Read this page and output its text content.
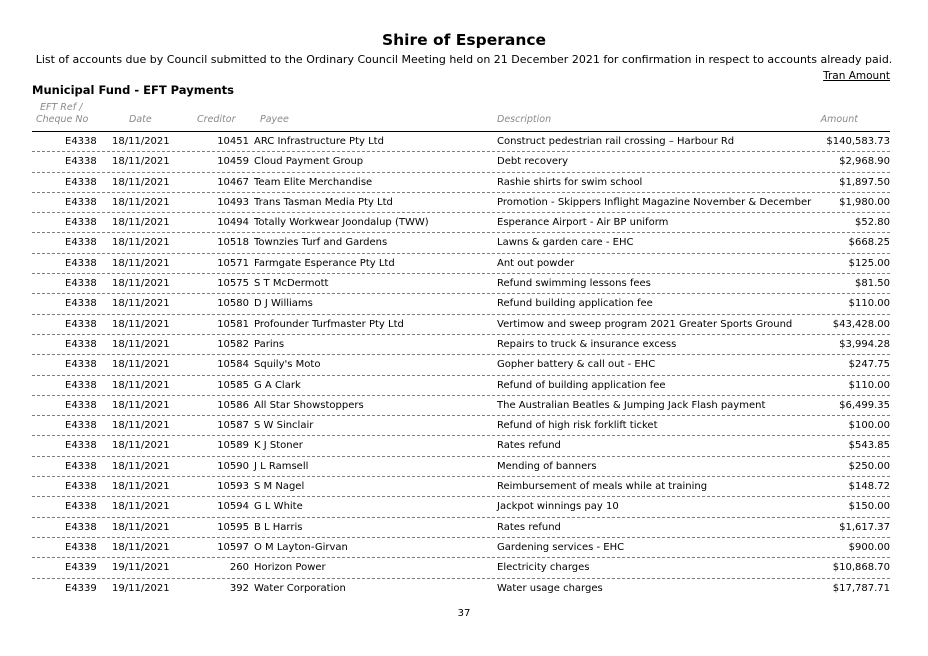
Shire of Esperance
List of accounts due by Council submitted to the Ordinary Council Meeting held on 21 December 2021 for confirmation in respect to accounts already paid.
Tran Amount
Municipal Fund - EFT Payments
EFT Ref /
Cheque No	Date	Creditor	Payee	Description	Amount
E4338 18/11/2021	10451 ARC Infrastructure Pty Ltd	Construct pedestrian rail crossing – Harbour Rd	$140,583.73
E4338 18/11/2021	10459 Cloud Payment Group	Debt recovery	$2,968.90
E4338 18/11/2021	10467 Team Elite Merchandise	Rashie shirts for swim school	$1,897.50
E4338 18/11/2021	10493 Trans Tasman Media Pty Ltd	Promotion - Skippers Inflight Magazine November & December	$1,980.00
E4338 18/11/2021	10494 Totally Workwear Joondalup (TWW)	Esperance Airport - Air BP uniform	$52.80
E4338 18/11/2021	10518 Townzies Turf and Gardens	Lawns & garden care - EHC	$668.25
E4338 18/11/2021	10571 Farmgate Esperance Pty Ltd	Ant out powder	$125.00
E4338 18/11/2021	10575 S T McDermott	Refund swimming lessons fees	$81.50
E4338 18/11/2021	10580 D J Williams	Refund building application fee	$110.00
E4338 18/11/2021	10581 Profounder Turfmaster Pty Ltd	Vertimow and sweep program 2021 Greater Sports Ground	$43,428.00
E4338 18/11/2021	10582 Parins	Repairs to truck & insurance excess	$3,994.28
E4338 18/11/2021	10584 Squily's Moto	Gopher battery & call out - EHC	$247.75
E4338 18/11/2021	10585 G A Clark	Refund of building application fee	$110.00
E4338 18/11/2021	10586 All Star Showstoppers	The Australian Beatles & Jumping Jack Flash payment	$6,499.35
E4338 18/11/2021	10587 S W Sinclair	Refund of high risk forklift ticket	$100.00
E4338 18/11/2021	10589 K J Stoner	Rates refund	$543.85
E4338 18/11/2021	10590 J L Ramsell	Mending of banners	$250.00
E4338 18/11/2021	10593 S M Nagel	Reimbursement of meals while at training	$148.72
E4338 18/11/2021	10594 G L White	Jackpot winnings pay 10	$150.00
E4338 18/11/2021	10595 B L Harris	Rates refund	$1,617.37
E4338 18/11/2021	10597 O M Layton-Girvan	Gardening services - EHC	$900.00
E4339 19/11/2021	260 Horizon Power	Electricity charges	$10,868.70
E4339 19/11/2021	392 Water Corporation	Water usage charges	$17,787.71
37
